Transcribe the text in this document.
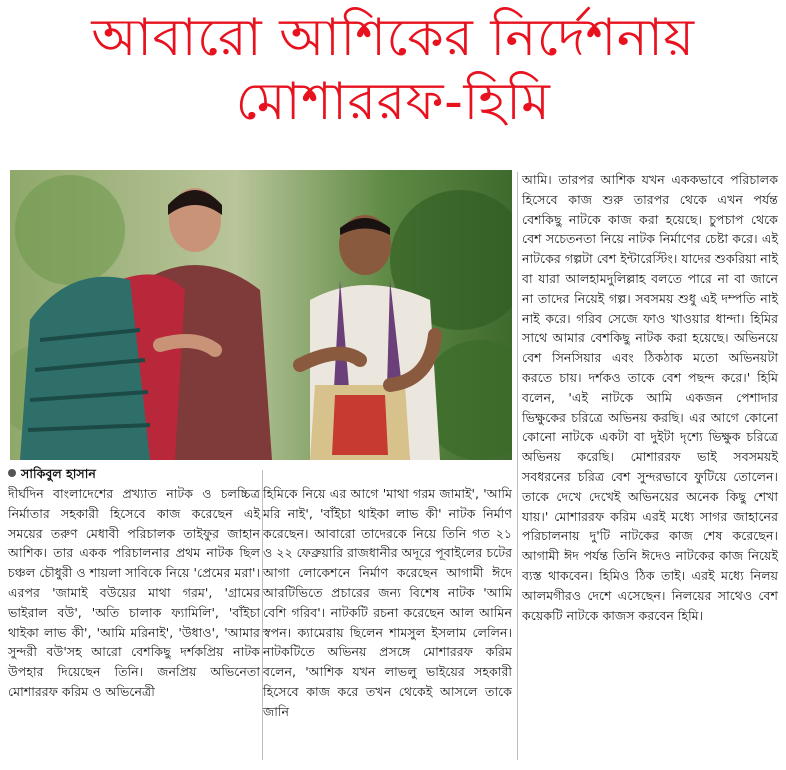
আবারো আশিকের নির্দেশনায়
মোশাররফ-হিমি
সাকিবুল হাসান

দীর্ঘদিন বাংলাদেশের প্রখ্যাত নাটক ও চলচ্চিত্র নির্মাতার সহকারী হিসেবে কাজ করেছেন এই সময়ের তরুণ মেধাবী পরিচালক তাইফুর জাহান আশিক। তার একক পরিচালনার প্রথম নাটক ছিল চঞ্চল চৌধুরী ও শায়লা সাবিকে নিয়ে 'প্রেমের মরা'। এরপর 'জামাই বউয়ের মাথা গরম', 'গ্রামের ভাইরাল বউ', 'অতি চালাক ফ্যামিলি', 'বাঁইচা থাইকা লাভ কী', 'আমি মরিনাই', 'উধাও', 'আমার সুন্দরী বউ'সহ আরো বেশকিছু দর্শকপ্রিয় নাটক উপহার দিয়েছেন তিনি। জনপ্রিয় অভিনেতা মোশাররফ করিম ও অভিনেত্রী

হিমিকে নিয়ে এর আগে 'মাথা গরম জামাই', 'আমি মরি নাই', 'বাঁইচা থাইকা লাভ কী' নাটক নির্মাণ করেছেন। আবারো তাদেরকে নিয়ে তিনি গত ২১ ও ২২ ফেব্রুয়ারি রাজধানীর অদূরে পূবাইলের চটের আগা লোকেশনে নির্মাণ করেছেন আগামী ঈদে আরটিভিতে প্রচারের জন্য বিশেষ নাটক 'আমি বেশি গরিব'। নাটকটি রচনা করেছেন আল আমিন স্বপন। ক্যামেরায় ছিলেন শামসুল ইসলাম লেলিন। নাটকটিতে অভিনয় প্রসঙ্গে মোশাররফ করিম বলেন, 'আশিক যখন লাভলু ভাইয়ের সহকারী হিসেবে কাজ করে তখন থেকেই আসলে তাকে জানি

আমি। তারপর আশিক যখন এককভাবে পরিচালক হিসেবে কাজ শুরু তারপর থেকে এখন পর্যন্ত বেশকিছু নাটকে কাজ করা হয়েছে। চুপচাপ থেকে বেশ সচেতনতা নিয়ে নাটক নির্মাণের চেষ্টা করে। এই নাটকের গল্পটা বেশ ইন্টারেস্টিং। যাদের শুকরিয়া নাই বা যারা আলহামদুলিল্লাহ বলতে পারে না বা জানে না তাদের নিয়েই গল্প। সবসময় শুধু এই দম্পতি নাই নাই করে। গরিব সেজে ফাও খাওয়ার ধান্দা। হিমির সাথে আমার বেশকিছু নাটক করা হয়েছে। অভিনয়ে বেশ সিনসিয়ার এবং ঠিকঠাক মতো অভিনয়টা করতে চায়। দর্শকও তাকে বেশ পছন্দ করে।' হিমি বলেন, 'এই নাটকে আমি একজন পেশাদার ভিক্ষুকের চরিত্রে অভিনয় করছি। এর আগে কোনো কোনো নাটকে একটা বা দুইটা দৃশ্যে ভিক্ষুক চরিত্রে অভিনয় করেছি। মোশাররফ ভাই সবসময়ই সবধরনের চরিত্র বেশ সুন্দরভাবে ফুটিয়ে তোলেন। তাকে দেখে দেখেই অভিনয়ের অনেক কিছু শেখা যায়।' মোশাররফ করিম এরই মধ্যে সাগর জাহানের পরিচালনায় দু'টি নাটকের কাজ শেষ করেছেন। আগামী ঈদ পর্যন্ত তিনি ঈদেও নাটকের কাজ নিয়েই ব্যস্ত থাকবেন। হিমিও ঠিক তাই। এরই মধ্যে নিলয় আলমগীরও দেশে এসেছেন। নিলয়ের সাথেও বেশ কয়েকটি নাটকে কাজস করবেন হিমি।
